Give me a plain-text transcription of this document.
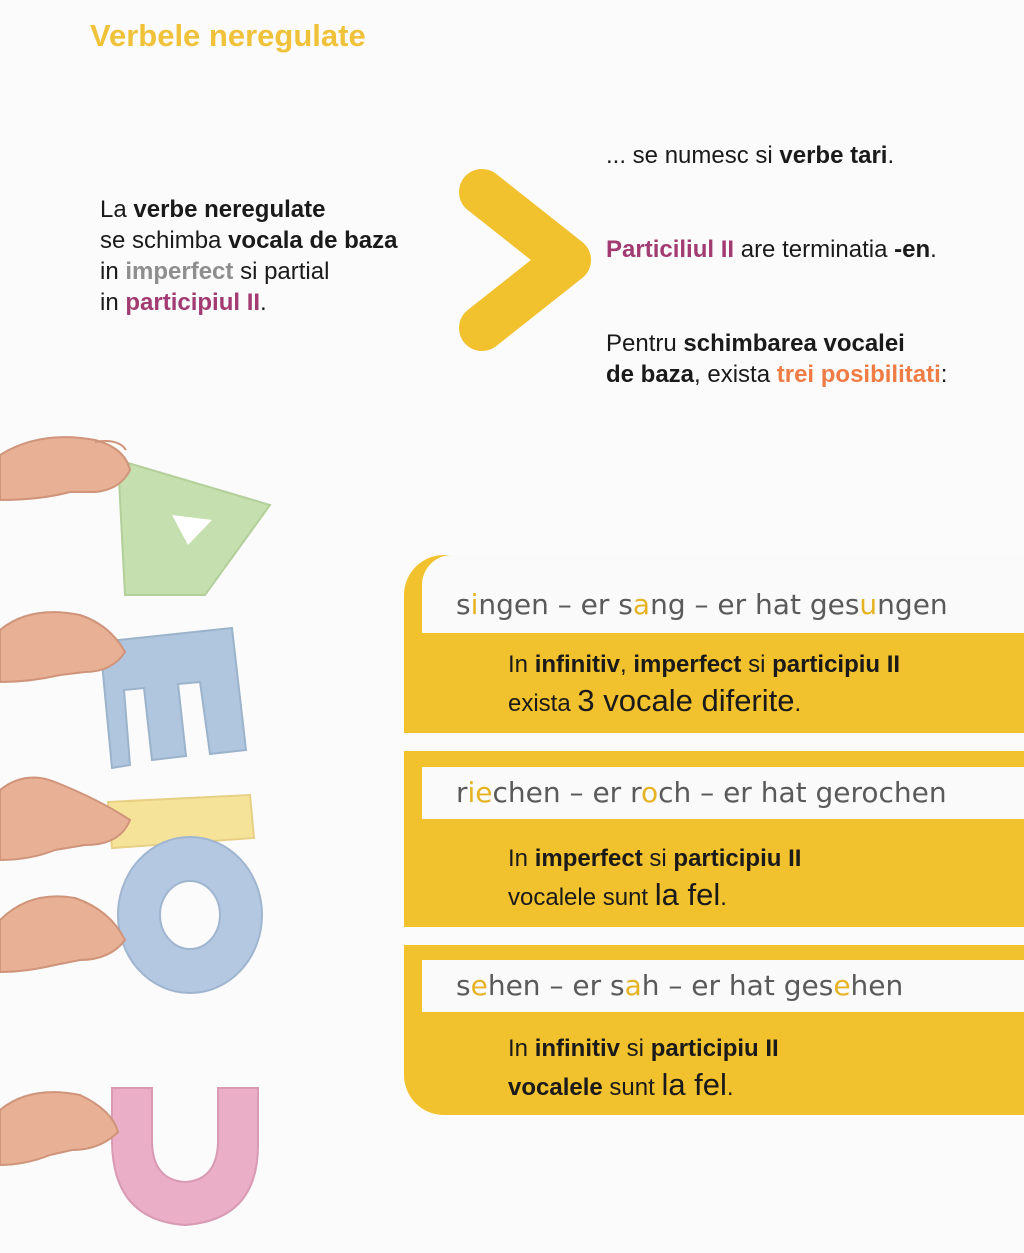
Verbele neregulate
La verbe neregulate
se schimba vocala de baza
in imperfect si partial
in participiul II.
... se numesc si verbe tari.
Particiliul II are terminatia -en.
Pentru schimbarea vocalei
de baza, exista trei posibilitati:
singen – er sang – er hat gesungen
In infinitiv, imperfect si participiu II
exista 3 vocale diferite.
riechen – er roch – er hat gerochen
In imperfect si participiu II
vocalele sunt la fel.
sehen – er sah – er hat gesehen
In infinitiv si participiu II
vocalele sunt la fel.
